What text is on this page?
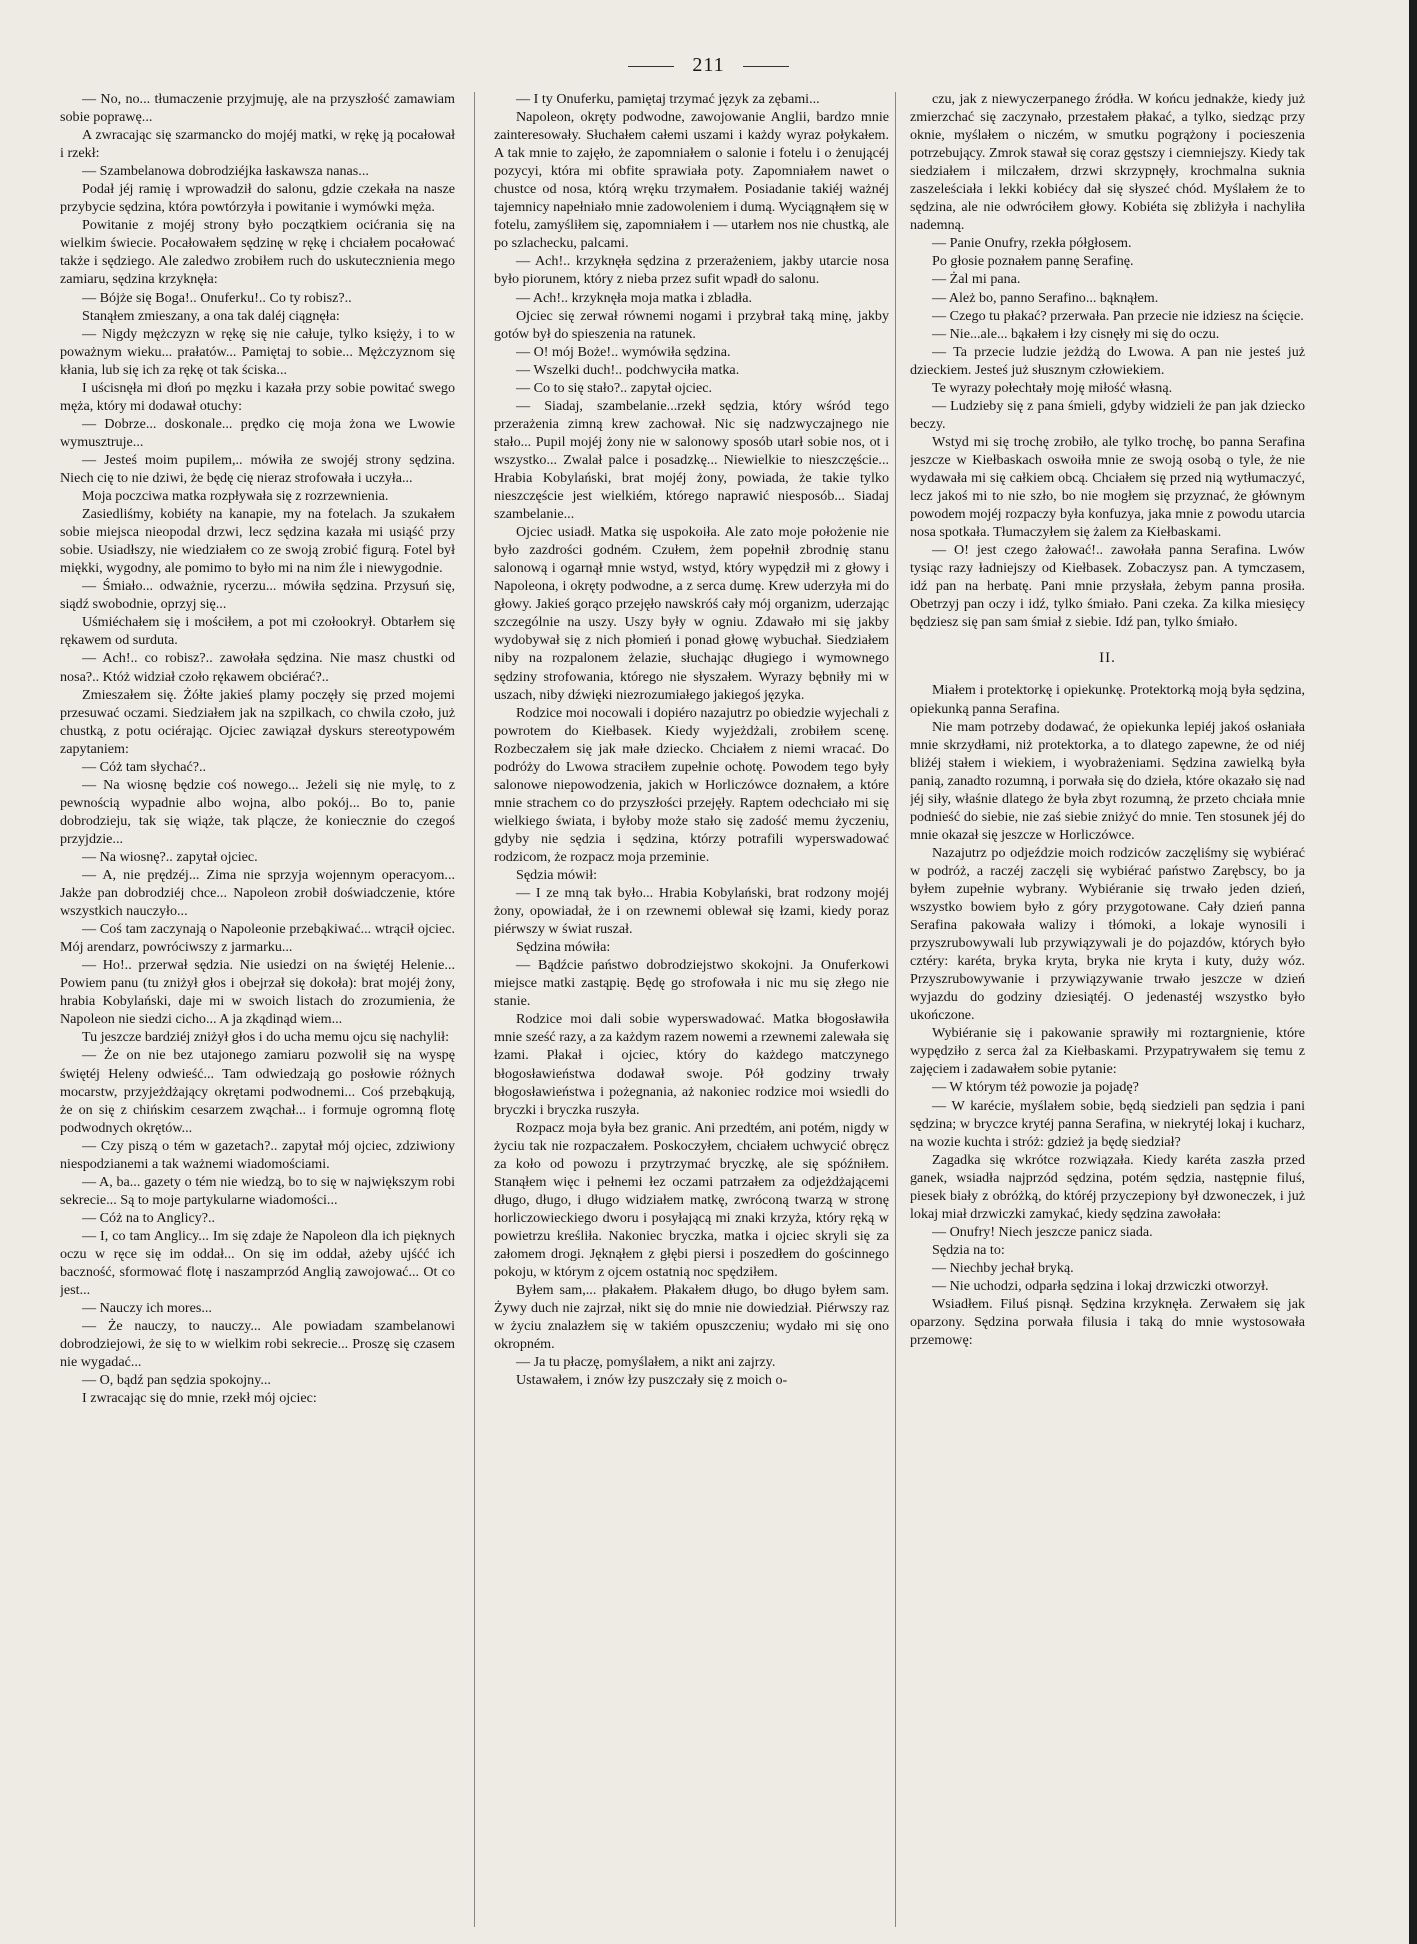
211

— No, no... tłumaczenie przyjmuję, ale na przyszłość zamawiam sobie poprawę...

A zwracając się szarmancko do mojéj matki, w rękę ją pocałował i rzekł:

— Szambelanowa dobrodziéjka łaskawsza nanas...

Podał jéj ramię i wprowadził do salonu, gdzie czekała na nasze przybycie sędzina, która powtórzyła i powitanie i wymówki męża.

Powitanie z mojéj strony było początkiem ocićrania się na wielkim świecie. Pocałowałem sędzinę w rękę i chciałem pocałować także i sędziego. Ale zaledwo zrobiłem ruch do uskutecznienia mego zamiaru, sędzina krzyknęła:

— Bójże się Boga!.. Onuferku!.. Co ty robisz?..

Stanąłem zmieszany, a ona tak daléj ciągnęła:

— Nigdy mężczyzn w rękę się nie całuje, tylko księży, i to w poważnym wieku... prałatów... Pamiętaj to sobie... Mężczyznom się kłania, lub się ich za rękę ot tak ściska...

I uścisnęła mi dłoń po męzku i kazała przy sobie powitać swego męża, który mi dodawał otuchy:

— Dobrze... doskonale... prędko cię moja żona we Lwowie wymusztruje...

— Jesteś moim pupilem,.. mówiła ze swojéj strony sędzina. Niech cię to nie dziwi, że będę cię nieraz strofowała i uczyła...

Moja poczciwa matka rozpływała się z rozrzewnienia.

Zasiedliśmy, kobiéty na kanapie, my na fotelach. Ja szukałem sobie miejsca nieopodal drzwi, lecz sędzina kazała mi usiąść przy sobie. Usiadłszy, nie wiedziałem co ze swoją zrobić figurą. Fotel był miękki, wygodny, ale pomimo to było mi na nim źle i niewygodnie.

— Śmiało... odważnie, rycerzu... mówiła sędzina. Przysuń się, siądź swobodnie, oprzyj się...

Uśmiéchałem się i mościłem, a pot mi czołookrył. Obtarłem się rękawem od surduta.

— Ach!.. co robisz?.. zawołała sędzina. Nie masz chustki od nosa?.. Któż widział czoło rękawem obciérać?..

Zmieszałem się. Żółte jakieś plamy poczęły się przed mojemi przesuwać oczami. Siedziałem jak na szpilkach, co chwila czoło, już chustką, z potu ociérając. Ojciec zawiązał dyskurs stereotypowém zapytaniem:

— Cóż tam słychać?..

— Na wiosnę będzie coś nowego... Jeżeli się nie mylę, to z pewnością wypadnie albo wojna, albo pokój... Bo to, panie dobrodzieju, tak się wiąże, tak plącze, że koniecznie do czegoś przyjdzie...

— Na wiosnę?.. zapytał ojciec.

— A, nie prędzéj... Zima nie sprzyja wojennym operacyom... Jakże pan dobrodziéj chce... Napoleon zrobił doświadczenie, które wszystkich nauczyło...

— Coś tam zaczynają o Napoleonie przebąkiwać... wtrącił ojciec. Mój arendarz, powróciwszy z jarmarku...

— Ho!.. przerwał sędzia. Nie usiedzi on na świętéj Helenie... Powiem panu (tu zniżył głos i obejrzał się dokoła): brat mojéj żony, hrabia Kobylański, daje mi w swoich listach do zrozumienia, że Napoleon nie siedzi cicho... A ja zkądinąd wiem...

Tu jeszcze bardziéj zniżył głos i do ucha memu ojcu się nachylił:

— Że on nie bez utajonego zamiaru pozwolił się na wyspę świętéj Heleny odwieść... Tam odwiedzają go posłowie różnych mocarstw, przyjeżdżający okrętami podwodnemi... Coś przebąkują, że on się z chińskim cesarzem zwąchał... i formuje ogromną flotę podwodnych okrętów...

— Czy piszą o tém w gazetach?.. zapytał mój ojciec, zdziwiony niespodzianemi a tak ważnemi wiadomościami.

— A, ba... gazety o tém nie wiedzą, bo to się w największym robi sekrecie... Są to moje partykularne wiadomości...

— Cóż na to Anglicy?..

— I, co tam Anglicy... Im się zdaje że Napoleon dla ich pięknych oczu w ręce się im oddał... On się im oddał, ażeby ujśćć ich baczność, sformować flotę i naszamprzód Anglią zawojować... Ot co jest...

— Nauczy ich mores...

— Że nauczy, to nauczy... Ale powiadam szambelanowi dobrodziejowi, że się to w wielkim robi sekrecie... Proszę się czasem nie wygadać...

— O, bądź pan sędzia spokojny...

I zwracając się do mnie, rzekł mój ojciec:

— I ty Onuferku, pamiętaj trzymać język za zębami...

Napoleon, okręty podwodne, zawojowanie Anglii, bardzo mnie zainteresowały. Słuchałem całemi uszami i każdy wyraz połykałem. A tak mnie to zajęło, że zapomniałem o salonie i fotelu i o żenującéj pozycyi, która mi obfite sprawiała poty. Zapomniałem nawet o chustce od nosa, którą wręku trzymałem. Posiadanie takiéj ważnéj tajemnicy napełniało mnie zadowoleniem i dumą. Wyciągnąłem się w fotelu, zamyśliłem się, zapomniałem i — utarłem nos nie chustką, ale po szlachecku, palcami.

— Ach!.. krzyknęła sędzina z przerażeniem, jakby utarcie nosa było piorunem, który z nieba przez sufit wpadł do salonu.

— Ach!.. krzyknęła moja matka i zbladła.

Ojciec się zerwał równemi nogami i przybrał taką minę, jakby gotów był do spieszenia na ratunek.

— O! mój Boże!.. wymówiła sędzina.

— Wszelki duch!.. podchwyciła matka.

— Co to się stało?.. zapytał ojciec.

— Siadaj, szambelanie...rzekł sędzia, który wśród tego przerażenia zimną krew zachował. Nic się nadzwyczajnego nie stało... Pupil mojéj żony nie w salonowy sposób utarł sobie nos, ot i wszystko... Zwalał palce i posadzkę... Niewielkie to nieszczęście... Hrabia Kobylański, brat mojéj żony, powiada, że takie tylko nieszczęście jest wielkiém, którego naprawić niesposób... Siadaj szambelanie...

Ojciec usiadł. Matka się uspokoiła. Ale zato moje położenie nie było zazdrości godném. Czułem, żem popełnił zbrodnię stanu salonową i ogarnął mnie wstyd, wstyd, który wypędził mi z głowy i Napoleona, i okręty podwodne, a z serca dumę. Krew uderzyła mi do głowy. Jakieś gorąco przejęło nawskróś cały mój organizm, uderzając szczególnie na uszy. Uszy były w ogniu. Zdawało mi się jakby wydobywał się z nich płomień i ponad głowę wybuchał. Siedziałem niby na rozpalonem żelazie, słuchając długiego i wymownego sędziny strofowania, którego nie słyszałem. Wyrazy bębniły mi w uszach, niby dźwięki niezrozumiałego jakiegoś języka.

Rodzice moi nocowali i dopiéro nazajutrz po obiedzie wyjechali z powrotem do Kiełbasek. Kiedy wyjeżdżali, zrobiłem scenę. Rozbeczałem się jak małe dziecko. Chciałem z niemi wracać. Do podróży do Lwowa straciłem zupełnie ochotę. Powodem tego były salonowe niepowodzenia, jakich w Horliczówce doznałem, a które mnie strachem co do przyszłości przejęły. Raptem odechciało mi się wielkiego świata, i byłoby może stało się zadość memu życzeniu, gdyby nie sędzia i sędzina, którzy potrafili wyperswadować rodzicom, że rozpacz moja przeminie.

Sędzia mówił:

— I ze mną tak było... Hrabia Kobylański, brat rodzony mojéj żony, opowiadał, że i on rzewnemi oblewał się łzami, kiedy poraz piérwszy w świat ruszał.

Sędzina mówiła:

— Bądźcie państwo dobrodziejstwo skokojni. Ja Onuferkowi miejsce matki zastąpię. Będę go strofowała i nic mu się złego nie stanie.

Rodzice moi dali sobie wyperswadować. Matka błogosławiła mnie sześć razy, a za każdym razem nowemi a rzewnemi zalewała się łzami. Płakał i ojciec, który do każdego matczynego błogosławieństwa dodawał swoje. Pół godziny trwały błogosławieństwa i pożegnania, aż nakoniec rodzice moi wsiedli do bryczki i bryczka ruszyła.

Rozpacz moja była bez granic. Ani przedtém, ani potém, nigdy w życiu tak nie rozpaczałem. Poskoczyłem, chciałem uchwycić obręcz za koło od powozu i przytrzymać bryczkę, ale się spóźniłem. Stanąłem więc i pełnemi łez oczami patrzałem za odjeżdżającemi długo, długo, i długo widziałem matkę, zwróconą twarzą w stronę horliczowieckiego dworu i posyłającą mi znaki krzyża, który ręką w powietrzu kreśliła. Nakoniec bryczka, matka i ojciec skryli się za załomem drogi. Jęknąłem z głębi piersi i poszedłem do gościnnego pokoju, w którym z ojcem ostatnią noc spędziłem.

Byłem sam,... płakałem. Płakałem długo, bo długo byłem sam. Żywy duch nie zajrzał, nikt się do mnie nie dowiedział. Piérwszy raz w życiu znalazłem się w takiém opuszczeniu; wydało mi się ono okropném.

— Ja tu płaczę, pomyślałem, a nikt ani zajrzy.

Ustawałem, i znów łzy puszczały się z moich o-

czu, jak z niewyczerpanego źródła. W końcu jednakże, kiedy już zmierzchać się zaczynało, przestałem płakać, a tylko, siedząc przy oknie, myślałem o niczém, w smutku pogrążony i pocieszenia potrzebujący. Zmrok stawał się coraz gęstszy i ciemniejszy. Kiedy tak siedziałem i milczałem, drzwi skrzypnęły, krochmalna suknia zaszeleściała i lekki kobiécy dał się słyszeć chód. Myślałem że to sędzina, ale nie odwróciłem głowy. Kobiéta się zbliżyła i nachyliła nademną.

— Panie Onufry, rzekła półgłosem.

Po głosie poznałem pannę Serafinę.

— Żal mi pana.

— Ależ bo, panno Serafino... bąknąłem.

— Czego tu płakać? przerwała. Pan przecie nie idziesz na ścięcie.

— Nie...ale... bąkałem i łzy cisnęły mi się do oczu.

— Ta przecie ludzie jeżdżą do Lwowa. A pan nie jesteś już dzieckiem. Jesteś już słusznym człowiekiem.

Te wyrazy połechtały moję miłość własną.

— Ludzieby się z pana śmieli, gdyby widzieli że pan jak dziecko beczy.

Wstyd mi się trochę zrobiło, ale tylko trochę, bo panna Serafina jeszcze w Kiełbaskach oswoiła mnie ze swoją osobą o tyle, że nie wydawała mi się całkiem obcą. Chciałem się przed nią wytłumaczyć, lecz jakoś mi to nie szło, bo nie mogłem się przyznać, że głównym powodem mojéj rozpaczy była konfuzya, jaka mnie z powodu utarcia nosa spotkała. Tłumaczyłem się żalem za Kiełbaskami.

— O! jest czego żałować!.. zawołała panna Serafina. Lwów tysiąc razy ładniejszy od Kiełbasek. Zobaczysz pan. A tymczasem, idź pan na herbatę. Pani mnie przysłała, żebym panna prosiła. Obetrzyj pan oczy i idź, tylko śmiało. Pani czeka. Za kilka miesięcy będziesz się pan sam śmiał z siebie. Idź pan, tylko śmiało.

II.

Miałem i protektorkę i opiekunkę. Protektorką moją była sędzina, opiekunką panna Serafina.

Nie mam potrzeby dodawać, że opiekunka lepiéj jakoś osłaniała mnie skrzydłami, niż protektorka, a to dlatego zapewne, że od niéj bliżéj stałem i wiekiem, i wyobrażeniami. Sędzina zawielką była panią, zanadto rozumną, i porwała się do dzieła, które okazało się nad jéj siły, właśnie dlatego że była zbyt rozumną, że przeto chciała mnie podnieść do siebie, nie zaś siebie zniżyć do mnie. Ten stosunek jéj do mnie okazał się jeszcze w Horliczówce.

Nazajutrz po odjeździe moich rodziców zaczęliśmy się wybiérać w podróż, a raczéj zaczęli się wybiérać państwo Zarębscy, bo ja byłem zupełnie wybrany. Wybiéranie się trwało jeden dzień, wszystko bowiem było z góry przygotowane. Cały dzień panna Serafina pakowała walizy i tłómoki, a lokaje wynosili i przyszrubowywali lub przywiązywali je do pojazdów, których było cztéry: karéta, bryka kryta, bryka nie kryta i kuty, duży wóz. Przyszrubowywanie i przywiązywanie trwało jeszcze w dzień wyjazdu do godziny dziesiątéj. O jedenastéj wszystko było ukończone.

Wybiéranie się i pakowanie sprawiły mi roztargnienie, które wypędziło z serca żal za Kiełbaskami. Przypatrywałem się temu z zajęciem i zadawałem sobie pytanie:

— W którym téż powozie ja pojadę?

— W karécie, myślałem sobie, będą siedzieli pan sędzia i pani sędzina; w bryczce krytéj panna Serafina, w niekrytéj lokaj i kucharz, na wozie kuchta i stróż: gdzież ja będę siedział?

Zagadka się wkrótce rozwiązała. Kiedy karéta zaszła przed ganek, wsiadła najprzód sędzina, potém sędzia, następnie filuś, piesek biały z obróżką, do któréj przyczepiony był dzwoneczek, i już lokaj miał drzwiczki zamykać, kiedy sędzina zawołała:

— Onufry! Niech jeszcze panicz siada.

Sędzia na to:

— Niechby jechał bryką.

— Nie uchodzi, odparła sędzina i lokaj drzwiczki otworzył.

Wsiadłem. Filuś pisnął. Sędzina krzyknęła. Zerwałem się jak oparzony. Sędzina porwała filusia i taką do mnie wystosowała przemowę:
